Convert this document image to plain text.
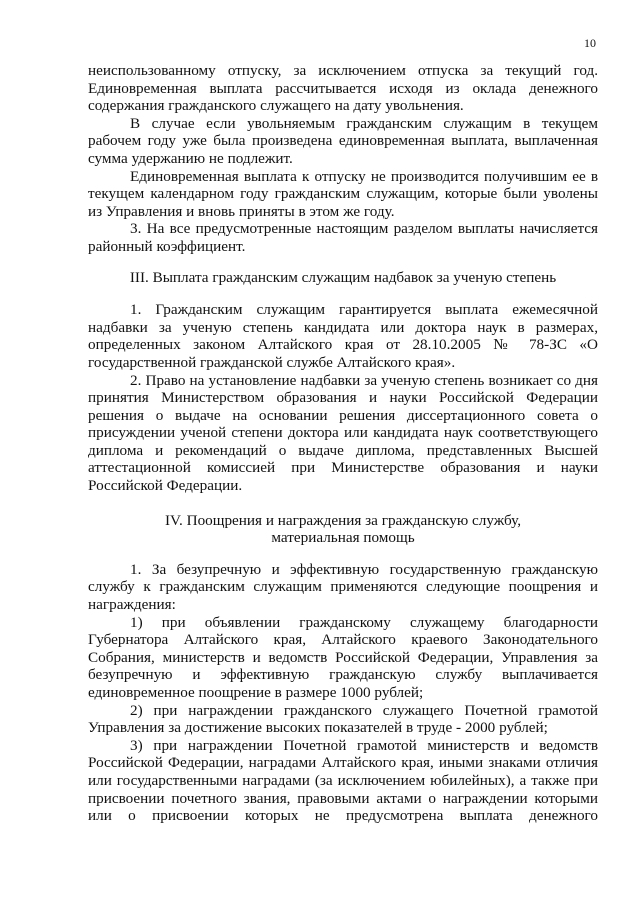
10

неиспользованному отпуску, за исключением отпуска за текущий год. Единовременная выплата рассчитывается исходя из оклада денежного содержания гражданского служащего на дату увольнения.

В случае если увольняемым гражданским служащим в текущем рабочем году уже была произведена единовременная выплата, выплаченная сумма удержанию не подлежит.

Единовременная выплата к отпуску не производится получившим ее в текущем календарном году гражданским служащим, которые были уволены из Управления и вновь приняты в этом же году.

3. На все предусмотренные настоящим разделом выплаты начисляется районный коэффициент.

III. Выплата гражданским служащим надбавок за ученую степень

1. Гражданским служащим гарантируется выплата ежемесячной надбавки за ученую степень кандидата или доктора наук в размерах, определенных законом Алтайского края от 28.10.2005 № 78-ЗС «О государственной гражданской службе Алтайского края».

2. Право на установление надбавки за ученую степень возникает со дня принятия Министерством образования и науки Российской Федерации решения о выдаче на основании решения диссертационного совета о присуждении ученой степени доктора или кандидата наук соответствующего диплома и рекомендаций о выдаче диплома, представленных Высшей аттестационной комиссией при Министерстве образования и науки Российской Федерации.

IV. Поощрения и награждения за гражданскую службу,

материальная помощь

1. За безупречную и эффективную государственную гражданскую службу к гражданским служащим применяются следующие поощрения и награждения:

1) при объявлении гражданскому служащему благодарности Губернатора Алтайского края, Алтайского краевого Законодательного Собрания, министерств и ведомств Российской Федерации, Управления за безупречную и эффективную гражданскую службу выплачивается единовременное поощрение в размере 1000 рублей;

2) при награждении гражданского служащего Почетной грамотой Управления за достижение высоких показателей в труде - 2000 рублей;

3) при награждении Почетной грамотой министерств и ведомств Российской Федерации, наградами Алтайского края, иными знаками отличия или государственными наградами (за исключением юбилейных), а также при присвоении почетного звания, правовыми актами о награждении которыми или о присвоении которых не предусмотрена выплата денежного
